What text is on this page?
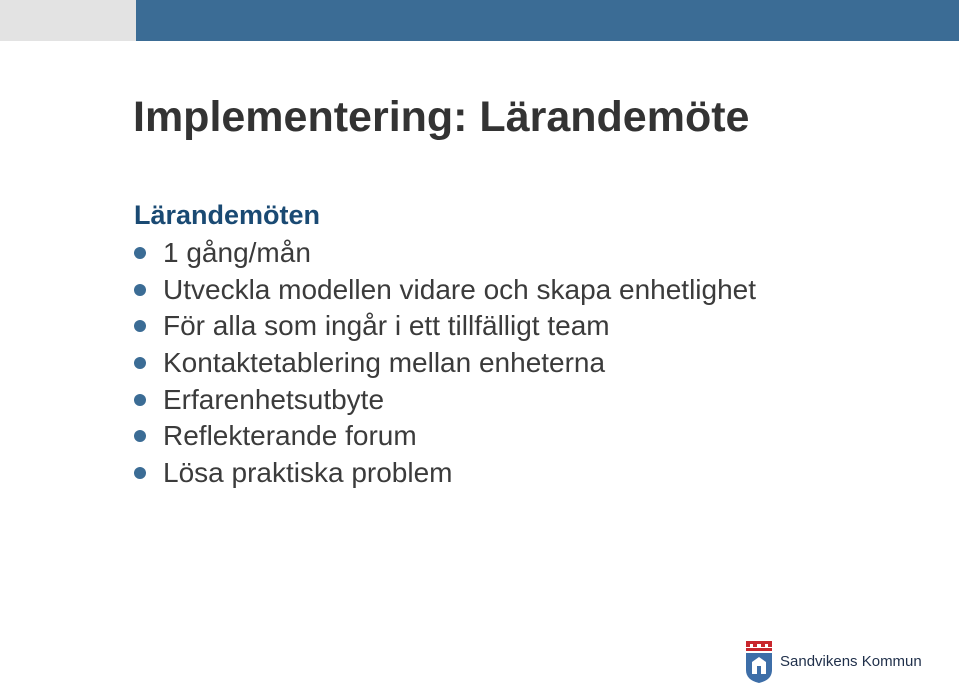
Implementering: Lärandemöte
Lärandemöten
1 gång/mån
Utveckla modellen vidare och skapa enhetlighet
För alla som ingår i ett tillfälligt team
Kontaktetablering mellan enheterna
Erfarenhetsutbyte
Reflekterande forum
Lösa praktiska problem
Sandvikens Kommun
